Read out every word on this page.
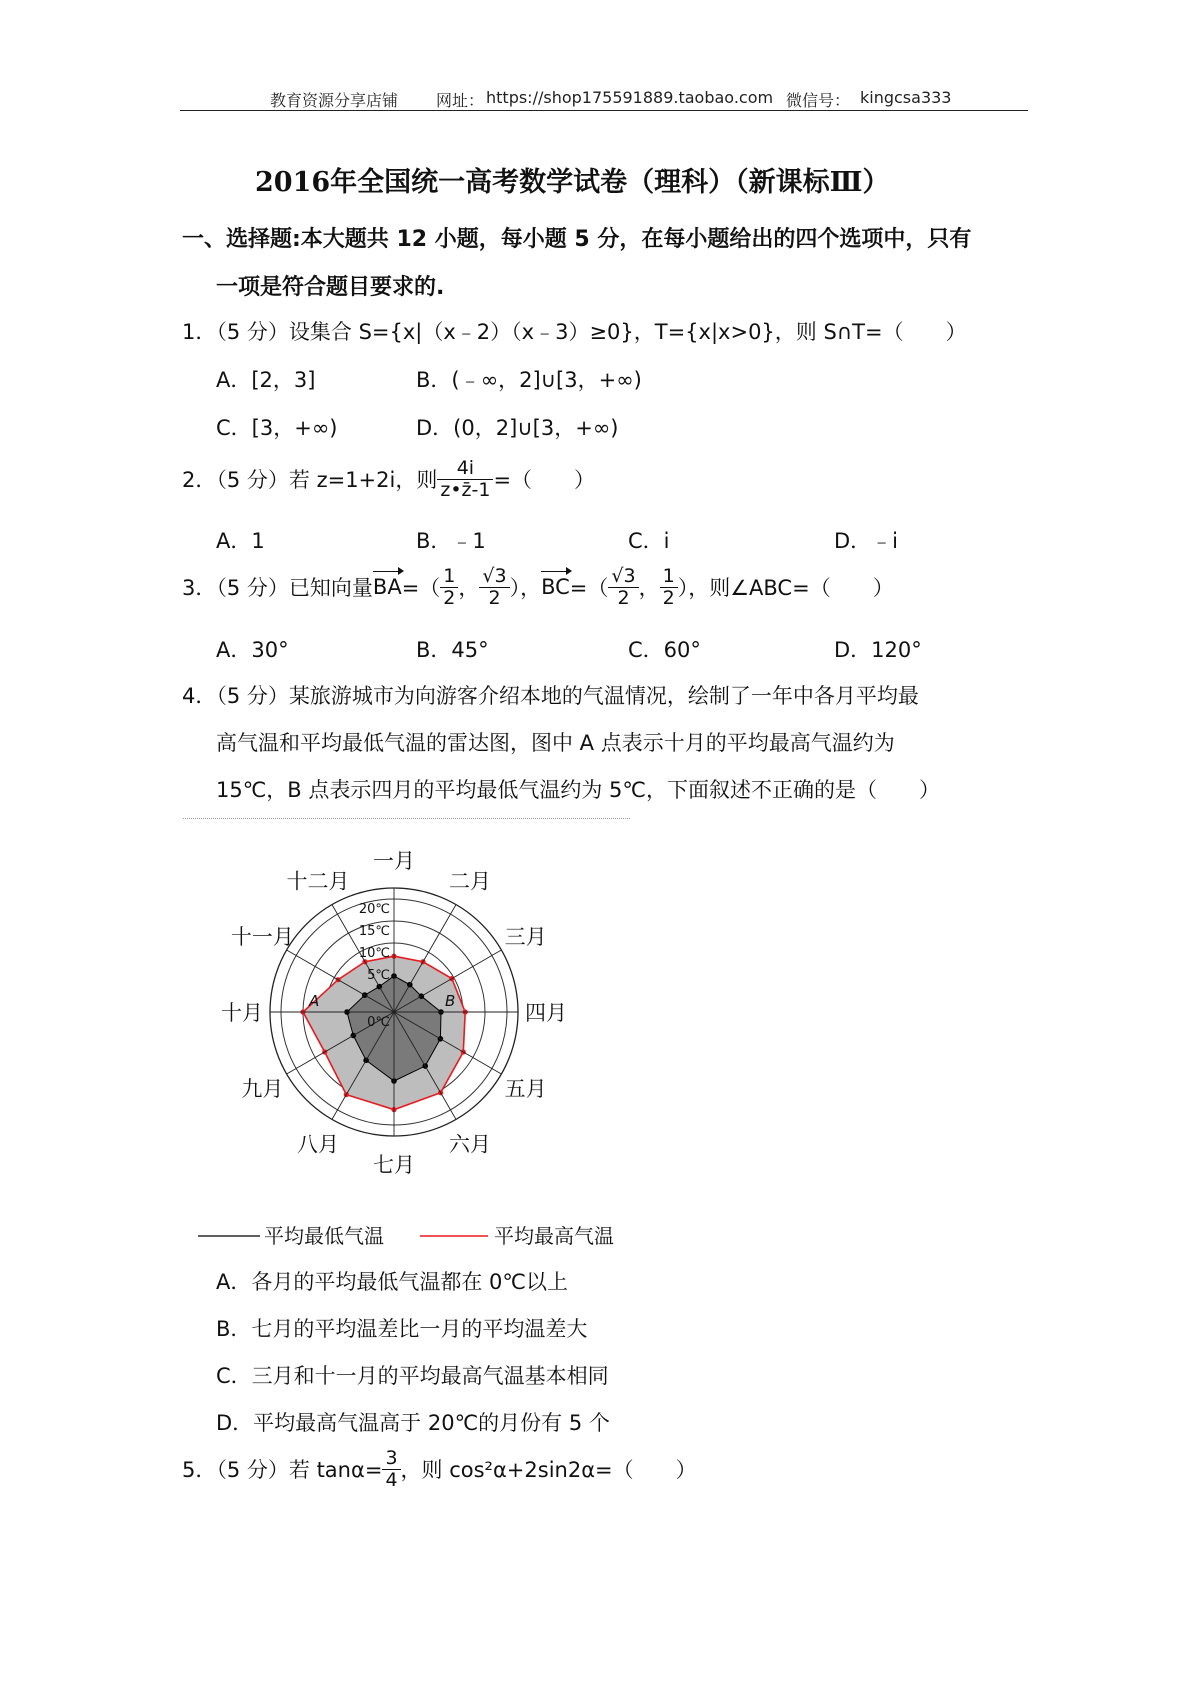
教育资源分享店铺 网址： https://shop175591889.taobao.com 微信号： kingcsa333
2016年全国统一高考数学试卷（理科）（新课标Ⅲ）
一、选择题:本大题共 12 小题，每小题 5 分，在每小题给出的四个选项中，只有
一项是符合题目要求的.
1．（5 分）设集合 S={x|（x﹣2）（x﹣3）≥0}，T={x|x>0}，则 S∩T=（　　）
A．[2，3]	B．(﹣∞，2]∪[3，+∞)
C．[3，+∞)	D．(0，2]∪[3，+∞)
2．（5 分）若 z=1+2i，则 $\frac{4i}{z•z̄-1}$ =（　　）
A．1	B．﹣1	C．i	D．﹣i
3．（5 分）已知向量 BA =（ $\frac{1}{2}$ ， $\frac{√3}{2}$ ）， BC =（ $\frac{√3}{2}$ ， $\frac{1}{2}$ ），则∠ABC=（　　）
A．30°	B．45°	C．60°	D．120°
4．（5 分）某旅游城市为向游客介绍本地的气温情况，绘制了一年中各月平均最
高气温和平均最低气温的雷达图，图中 A 点表示十月的平均最高气温约为
15℃，B 点表示四月的平均最低气温约为 5℃，下面叙述不正确的是（　　）
0℃
5℃
10℃
15℃
20℃
一月
二月
三月
四月
五月
六月
七月
八月
九月
十月
十一月
十二月
A	B
平均最低气温	平均最高气温
A．各月的平均最低气温都在 0℃以上
B．七月的平均温差比一月的平均温差大
C．三月和十一月的平均最高气温基本相同
D．平均最高气温高于 20℃的月份有 5 个
5．（5 分）若 $\tan\alpha= \frac{3}{4}$ ，则 cos²α+2sin2α=（　　）
